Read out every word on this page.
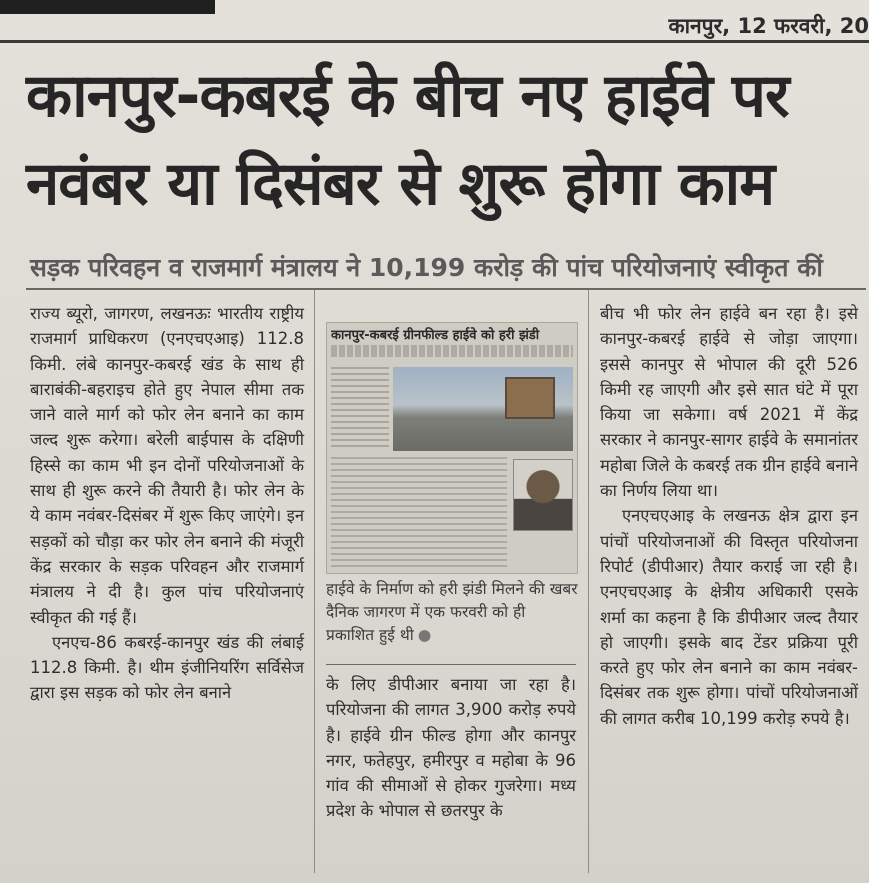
कानपुर, 12 फरवरी, 20
कानपुर-कबरई के बीच नए हाईवे पर
नवंबर या दिसंबर से शुरू होगा काम
सड़क परिवहन व राजमार्ग मंत्रालय ने 10,199 करोड़ की पांच परियोजनाएं स्वीकृत कीं

राज्य ब्यूरो, जागरण, लखनऊः भारतीय राष्ट्रीय राजमार्ग प्राधिकरण (एनएचएआइ) 112.8 किमी. लंबे कानपुर-कबरई खंड के साथ ही बाराबंकी-बहराइच होते हुए नेपाल सीमा तक जाने वाले मार्ग को फोर लेन बनाने का काम जल्द शुरू करेगा। बरेली बाईपास के दक्षिणी हिस्से का काम भी इन दोनों परियोजनाओं के साथ ही शुरू करने की तैयारी है। फोर लेन के ये काम नवंबर-दिसंबर में शुरू किए जाएंगे। इन सड़कों को चौड़ा कर फोर लेन बनाने की मंजूरी केंद्र सरकार के सड़क परिवहन और राजमार्ग मंत्रालय ने दी है। कुल पांच परियोजनाएं स्वीकृत की गई हैं।

एनएच-86 कबरई-कानपुर खंड की लंबाई 112.8 किमी. है। थीम इंजीनियरिंग सर्विसेज द्वारा इस सड़क को फोर लेन बनाने

कानपुर-कबरई ग्रीनफील्ड हाईवे को हरी झंडी
हाईवे के निर्माण को हरी झंडी मिलने की खबर दैनिक जागरण में एक फरवरी को ही प्रकाशित हुई थी ●

के लिए डीपीआर बनाया जा रहा है। परियोजना की लागत 3,900 करोड़ रुपये है। हाईवे ग्रीन फील्ड होगा और कानपुर नगर, फतेहपुर, हमीरपुर व महोबा के 96 गांव की सीमाओं से होकर गुजरेगा। मध्य प्रदेश के भोपाल से छतरपुर के

बीच भी फोर लेन हाईवे बन रहा है। इसे कानपुर-कबरई हाईवे से जोड़ा जाएगा। इससे कानपुर से भोपाल की दूरी 526 किमी रह जाएगी और इसे सात घंटे में पूरा किया जा सकेगा। वर्ष 2021 में केंद्र सरकार ने कानपुर-सागर हाईवे के समानांतर महोबा जिले के कबरई तक ग्रीन हाईवे बनाने का निर्णय लिया था।

एनएचएआइ के लखनऊ क्षेत्र द्वारा इन पांचों परियोजनाओं की विस्तृत परियोजना रिपोर्ट (डीपीआर) तैयार कराई जा रही है। एनएचएआइ के क्षेत्रीय अधिकारी एसके शर्मा का कहना है कि डीपीआर जल्द तैयार हो जाएगी। इसके बाद टेंडर प्रक्रिया पूरी करते हुए फोर लेन बनाने का काम नवंबर-दिसंबर तक शुरू होगा। पांचों परियोजनाओं की लागत करीब 10,199 करोड़ रुपये है।
